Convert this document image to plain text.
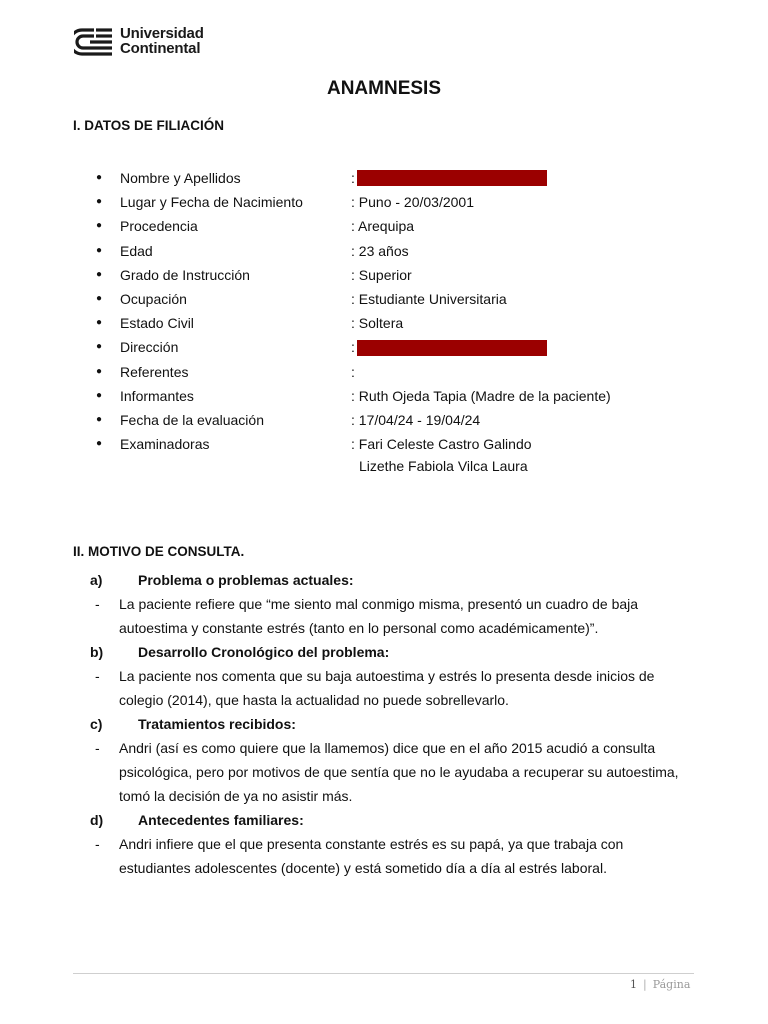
Universidad
Continental
ANAMNESIS
I. DATOS DE FILIACIÓN
● Nombre y Apellidos	:
● Lugar y Fecha de Nacimiento	: Puno - 20/03/2001
● Procedencia	: Arequipa
● Edad	: 23 años
● Grado de Instrucción	: Superior
● Ocupación	: Estudiante Universitaria
● Estado Civil	: Soltera
● Dirección	:
● Referentes	:
● Informantes	: Ruth Ojeda Tapia (Madre de la paciente)
● Fecha de la evaluación	: 17/04/24 - 19/04/24
● Examinadoras	: Fari Celeste Castro Galindo
Lizethe Fabiola Vilca Laura
II. MOTIVO DE CONSULTA.
a)	Problema o problemas actuales:
- La paciente refiere que “me siento mal conmigo misma, presentó un cuadro de baja autoestima y constante estrés (tanto en lo personal como académicamente)”.
b) Desarrollo Cronológico del problema:
- La paciente nos comenta que su baja autoestima y estrés lo presenta desde inicios de colegio (2014), que hasta la actualidad no puede sobrellevarlo.
c)	Tratamientos recibidos:
- Andri (así es como quiere que la llamemos) dice que en el año 2015 acudió a consulta psicológica, pero por motivos de que sentía que no le ayudaba a recuperar su autoestima, tomó la decisión de ya no asistir más.
d) Antecedentes familiares:
- Andri infiere que el que presenta constante estrés es su papá, ya que trabaja con estudiantes adolescentes (docente) y está sometido día a día al estrés laboral.
1 | Página
